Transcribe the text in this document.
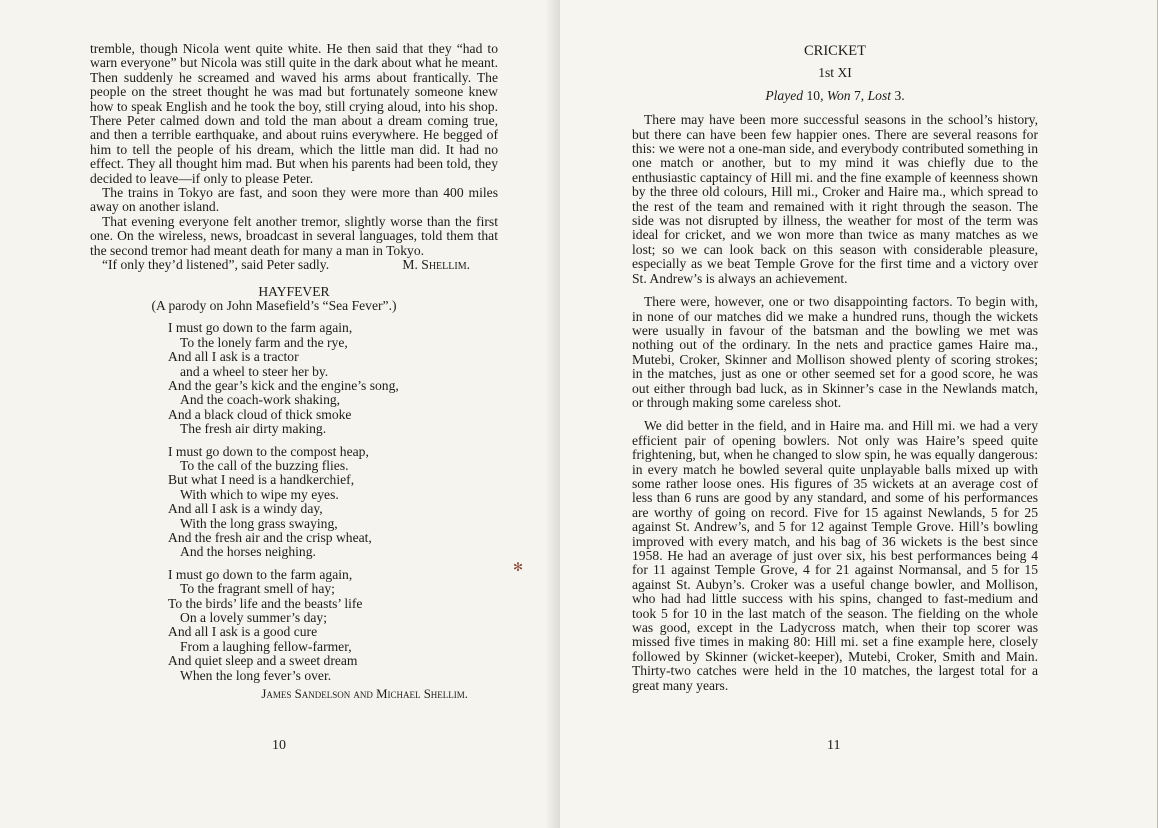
tremble, though Nicola went quite white. He then said that they “had to warn everyone” but Nicola was still quite in the dark about what he meant. Then suddenly he screamed and waved his arms about frantically. The people on the street thought he was mad but fortunately someone knew how to speak English and he took the boy, still crying aloud, into his shop. There Peter calmed down and told the man about a dream coming true, and then a terrible earthquake, and about ruins everywhere. He begged of him to tell the people of his dream, which the little man did. It had no effect. They all thought him mad. But when his parents had been told, they decided to leave—if only to please Peter.

The trains in Tokyo are fast, and soon they were more than 400 miles away on another island.

That evening everyone felt another tremor, slightly worse than the first one. On the wireless, news, broadcast in several languages, told them that the second tremor had meant death for many a man in Tokyo.

“If only they’d listened”, said Peter sadly.	M. Shellim.

HAYFEVER
(A parody on John Masefield’s “Sea Fever”.)
I must go down to the farm again,
To the lonely farm and the rye,
And all I ask is a tractor
and a wheel to steer her by.
And the gear’s kick and the engine’s song,
And the coach-work shaking,
And a black cloud of thick smoke
The fresh air dirty making.
I must go down to the compost heap,
To the call of the buzzing flies.
But what I need is a handkerchief,
With which to wipe my eyes.
And all I ask is a windy day,
With the long grass swaying,
And the fresh air and the crisp wheat,
And the horses neighing.
I must go down to the farm again,
To the fragrant smell of hay;
To the birds’ life and the beasts’ life
On a lovely summer’s day;
And all I ask is a good cure
From a laughing fellow-farmer,
And quiet sleep and a sweet dream
When the long fever’s over.
James Sandelson and Michael Shellim.
10
✻
CRICKET
1st XI
Played 10, Won 7, Lost 3.

There may have been more successful seasons in the school’s history, but there can have been few happier ones. There are several reasons for this: we were not a one-man side, and everybody contributed something in one match or another, but to my mind it was chiefly due to the enthusiastic captaincy of Hill mi. and the fine example of keenness shown by the three old colours, Hill mi., Croker and Haire ma., which spread to the rest of the team and remained with it right through the season. The side was not disrupted by illness, the weather for most of the term was ideal for cricket, and we won more than twice as many matches as we lost; so we can look back on this season with considerable pleasure, especially as we beat Temple Grove for the first time and a victory over St. Andrew’s is always an achievement.

There were, however, one or two disappointing factors. To begin with, in none of our matches did we make a hundred runs, though the wickets were usually in favour of the batsman and the bowling we met was nothing out of the ordinary. In the nets and practice games Haire ma., Mutebi, Croker, Skinner and Mollison showed plenty of scoring strokes; in the matches, just as one or other seemed set for a good score, he was out either through bad luck, as in Skinner’s case in the Newlands match, or through making some careless shot.

We did better in the field, and in Haire ma. and Hill mi. we had a very efficient pair of opening bowlers. Not only was Haire’s speed quite frightening, but, when he changed to slow spin, he was equally dangerous: in every match he bowled several quite unplayable balls mixed up with some rather loose ones. His figures of 35 wickets at an average cost of less than 6 runs are good by any standard, and some of his performances are worthy of going on record. Five for 15 against Newlands, 5 for 25 against St. Andrew’s, and 5 for 12 against Temple Grove. Hill’s bowling improved with every match, and his bag of 36 wickets is the best since 1958. He had an average of just over six, his best performances being 4 for 11 against Temple Grove, 4 for 21 against Normansal, and 5 for 15 against St. Aubyn’s. Croker was a useful change bowler, and Mollison, who had had little success with his spins, changed to fast-medium and took 5 for 10 in the last match of the season. The fielding on the whole was good, except in the Ladycross match, when their top scorer was missed five times in making 80: Hill mi. set a fine example here, closely followed by Skinner (wicket-keeper), Mutebi, Croker, Smith and Main. Thirty-two catches were held in the 10 matches, the largest total for a great many years.

11
